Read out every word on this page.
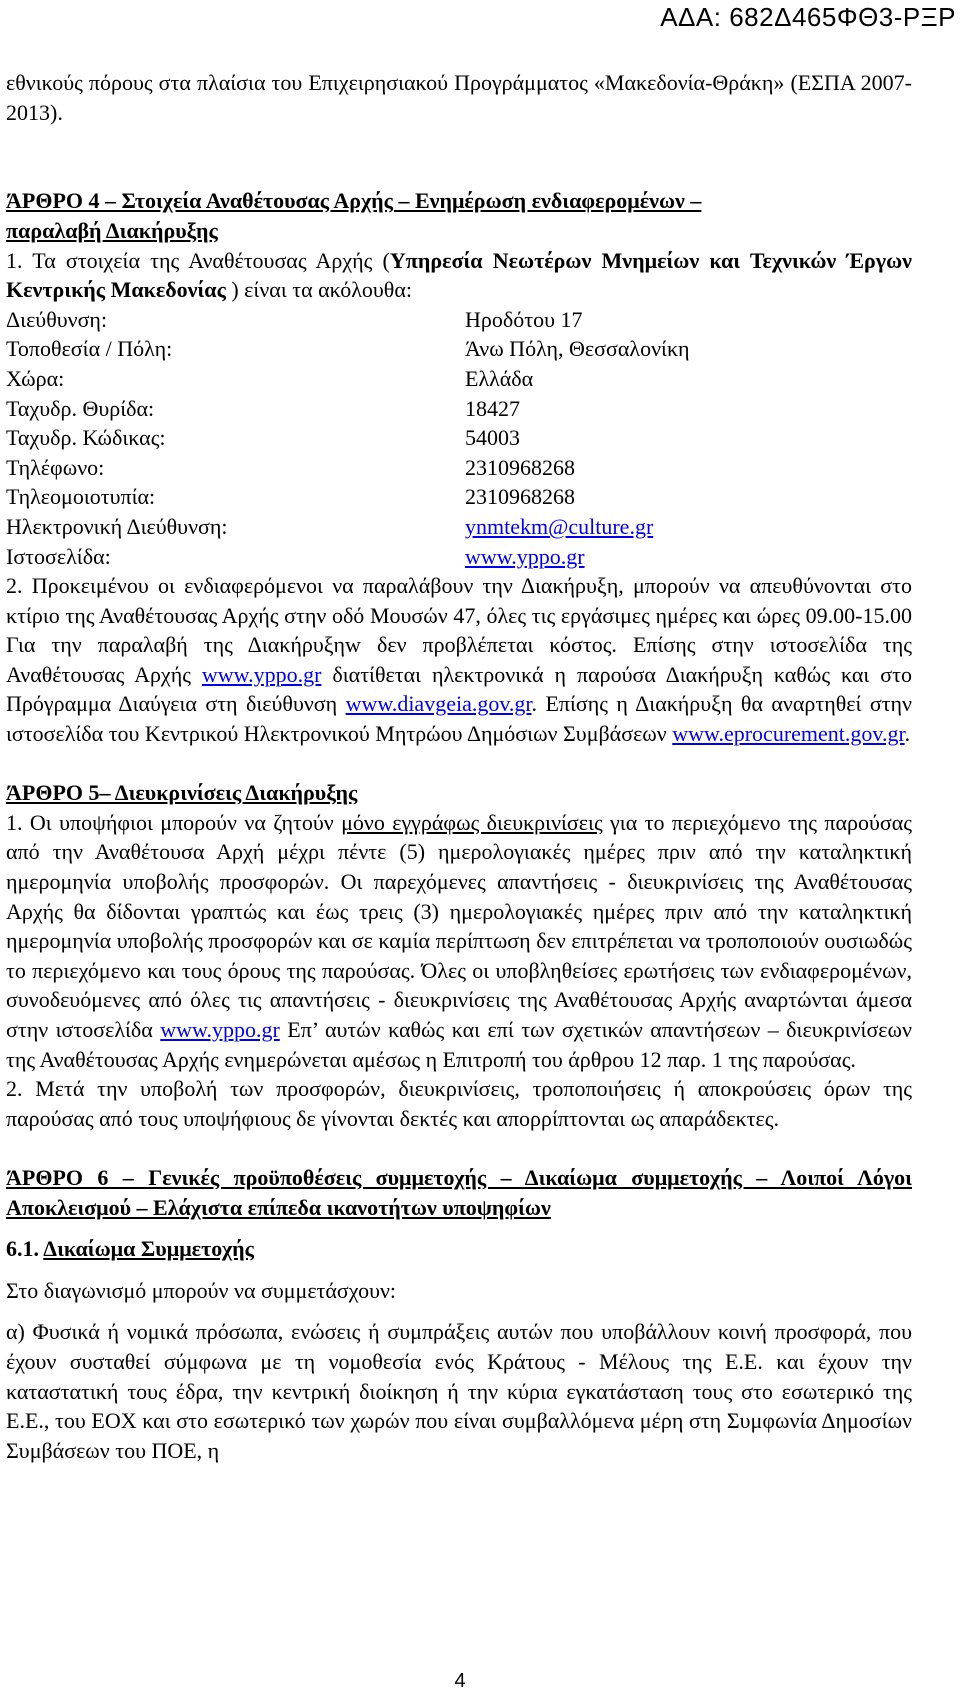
ΑΔΑ: 682Δ465ΦΘ3-ΡΞΡ

εθνικούς πόρους στα πλαίσια του Επιχειρησιακού Προγράμματος «Μακεδονία-Θράκη» (ΕΣΠΑ 2007-2013).

ΆΡΘΡΟ 4 – Στοιχεία Αναθέτουσας Αρχής – Ενημέρωση ενδιαφερομένων –
παραλαβή Διακήρυξης

1. Τα στοιχεία της Αναθέτουσας Αρχής (Υπηρεσία Νεωτέρων Μνημείων και Τεχνικών Έργων Κεντρικής Μακεδονίας ) είναι τα ακόλουθα:

Διεύθυνση:	Ηροδότου 17
Τοποθεσία / Πόλη:	Άνω Πόλη, Θεσσαλονίκη
Χώρα:	Ελλάδα
Ταχυδρ. Θυρίδα:	18427
Ταχυδρ. Κώδικας:	54003
Τηλέφωνο:	2310968268
Τηλεομοιοτυπία:	2310968268
Ηλεκτρονική Διεύθυνση:	ynmtekm@culture.gr
Ιστοσελίδα:	www.yppo.gr

2. Προκειμένου οι ενδιαφερόμενοι να παραλάβουν την Διακήρυξη, μπορούν να απευθύνονται στο κτίριο της Αναθέτουσας Αρχής στην οδό Μουσών 47, όλες τις εργάσιμες ημέρες και ώρες 09.00-15.00 Για την παραλαβή της Διακήρυξηw δεν προβλέπεται κόστος. Επίσης στην ιστοσελίδα της Αναθέτουσας Αρχής www.yppo.gr διατίθεται ηλεκτρονικά η παρούσα Διακήρυξη καθώς και στο Πρόγραμμα Διαύγεια στη διεύθυνση www.diavgeia.gov.gr. Επίσης η Διακήρυξη θα αναρτηθεί στην ιστοσελίδα του Κεντρικού Ηλεκτρονικού Μητρώου Δημόσιων Συμβάσεων www.eprocurement.gov.gr.

ΆΡΘΡΟ 5– Διευκρινίσεις Διακήρυξης

1. Οι υποψήφιοι μπορούν να ζητούν μόνο εγγράφως διευκρινίσεις για το περιεχόμενο της παρούσας από την Αναθέτουσα Αρχή μέχρι πέντε (5) ημερολογιακές ημέρες πριν από την καταληκτική ημερομηνία υποβολής προσφορών. Οι παρεχόμενες απαντήσεις - διευκρινίσεις της Αναθέτουσας Αρχής θα δίδονται γραπτώς και έως τρεις (3) ημερολογιακές ημέρες πριν από την καταληκτική ημερομηνία υποβολής προσφορών και σε καμία περίπτωση δεν επιτρέπεται να τροποποιούν ουσιωδώς το περιεχόμενο και τους όρους της παρούσας. Όλες οι υποβληθείσες ερωτήσεις των ενδιαφερομένων, συνοδευόμενες από όλες τις απαντήσεις - διευκρινίσεις της Αναθέτουσας Αρχής αναρτώνται άμεσα στην ιστοσελίδα www.yppo.gr Επ’ αυτών καθώς και επί των σχετικών απαντήσεων – διευκρινίσεων της Αναθέτουσας Αρχής ενημερώνεται αμέσως η Επιτροπή του άρθρου 12 παρ. 1 της παρούσας.

2. Μετά την υποβολή των προσφορών, διευκρινίσεις, τροποποιήσεις ή αποκρούσεις όρων της παρούσας από τους υποψήφιους δε γίνονται δεκτές και απορρίπτονται ως απαράδεκτες.

ΆΡΘΡΟ 6 – Γενικές προϋποθέσεις συμμετοχής – Δικαίωμα συμμετοχής – Λοιποί Λόγοι Αποκλεισμού – Ελάχιστα επίπεδα ικανοτήτων υποψηφίων

6.1. Δικαίωμα Συμμετοχής

Στο διαγωνισμό μπορούν να συμμετάσχουν:

α) Φυσικά ή νομικά πρόσωπα, ενώσεις ή συμπράξεις αυτών που υποβάλλουν κοινή προσφορά, που έχουν συσταθεί σύμφωνα με τη νομοθεσία ενός Κράτους - Μέλους της Ε.Ε. και έχουν την καταστατική τους έδρα, την κεντρική διοίκηση ή την κύρια εγκατάσταση τους στο εσωτερικό της Ε.Ε., του ΕΟΧ και στο εσωτερικό των χωρών που είναι συμβαλλόμενα μέρη στη Συμφωνία Δημοσίων Συμβάσεων του ΠΟΕ, η

4
